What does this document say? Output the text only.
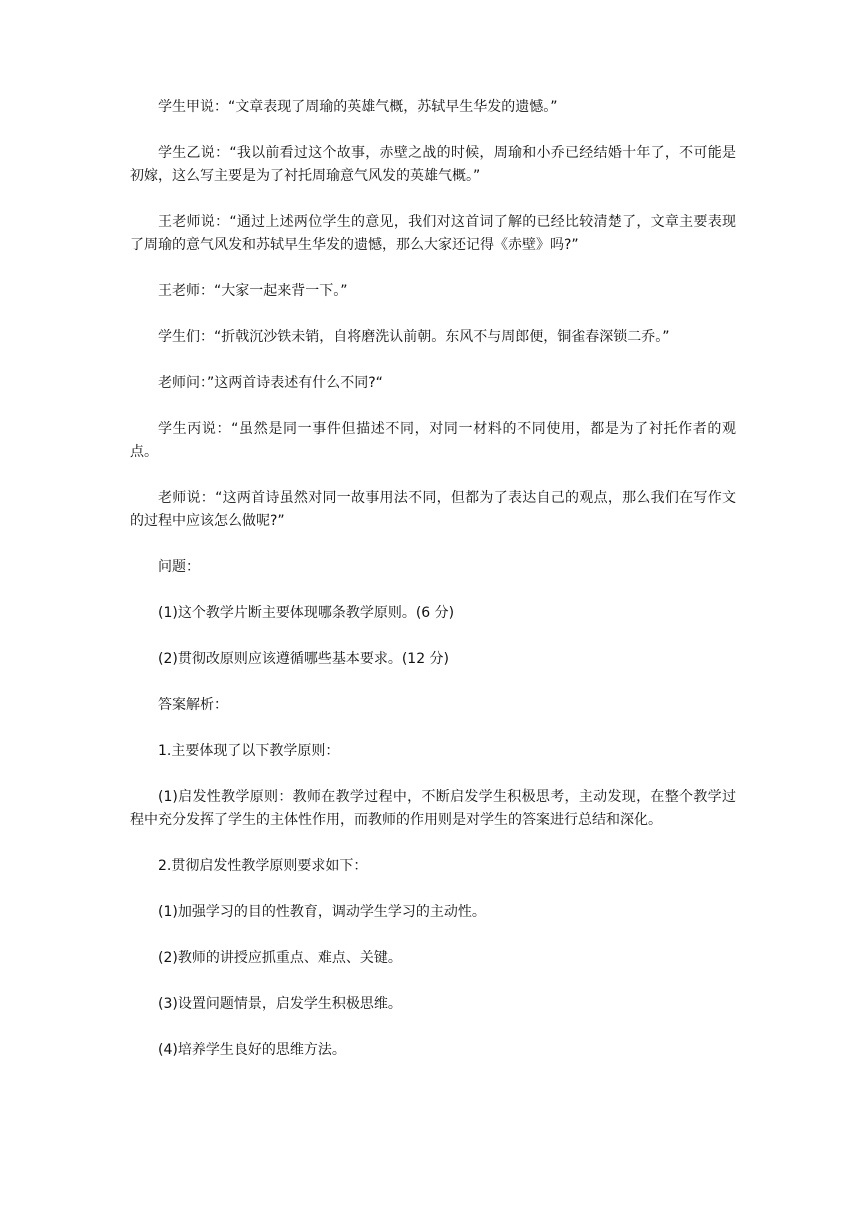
学生甲说：“文章表现了周瑜的英雄气概，苏轼早生华发的遗憾。”

学生乙说：“我以前看过这个故事，赤壁之战的时候，周瑜和小乔已经结婚十年了，不可能是初嫁，这么写主要是为了衬托周瑜意气风发的英雄气概。”

王老师说：“通过上述两位学生的意见，我们对这首词了解的已经比较清楚了，文章主要表现了周瑜的意气风发和苏轼早生华发的遗憾，那么大家还记得《赤壁》吗?”

王老师：“大家一起来背一下。”

学生们：“折戟沉沙铁未销，自将磨洗认前朝。东风不与周郎便，铜雀春深锁二乔。”

老师问：”这两首诗表述有什么不同?“

学生丙说：“虽然是同一事件但描述不同，对同一材料的不同使用，都是为了衬托作者的观点。

老师说：“这两首诗虽然对同一故事用法不同，但都为了表达自己的观点，那么我们在写作文的过程中应该怎么做呢?”

问题：

(1)这个教学片断主要体现哪条教学原则。(6 分)

(2)贯彻改原则应该遵循哪些基本要求。(12 分)

答案解析：

1.主要体现了以下教学原则：

(1)启发性教学原则：教师在教学过程中，不断启发学生积极思考，主动发现，在整个教学过程中充分发挥了学生的主体性作用，而教师的作用则是对学生的答案进行总结和深化。

2.贯彻启发性教学原则要求如下：

(1)加强学习的目的性教育，调动学生学习的主动性。

(2)教师的讲授应抓重点、难点、关键。

(3)设置问题情景，启发学生积极思维。

(4)培养学生良好的思维方法。
